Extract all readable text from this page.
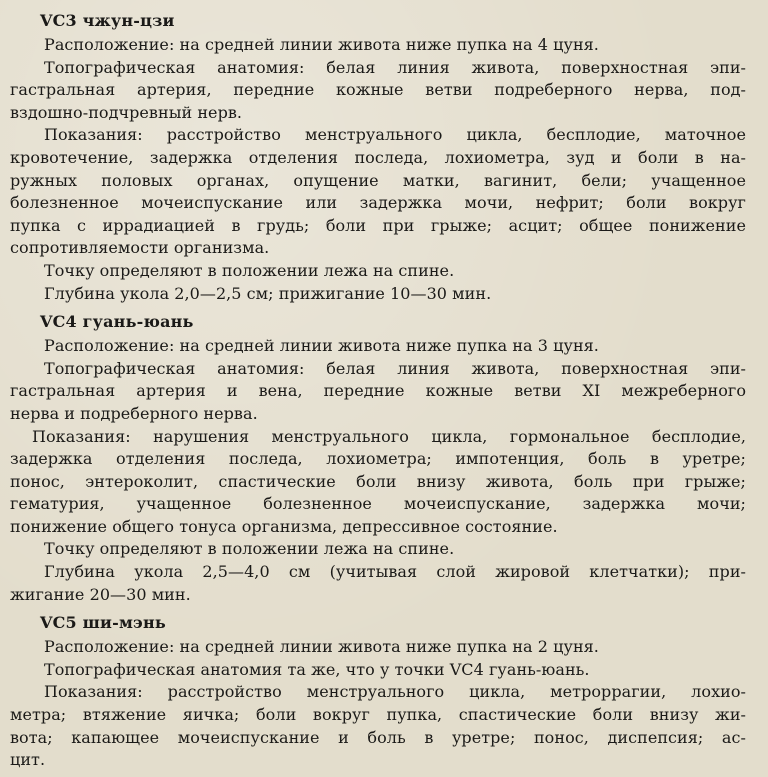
VC3 чжун-цзи
Расположение: на средней линии живота ниже пупка на 4 цуня.
Топографическая анатомия: белая линия живота, поверхностная эпи-
гастральная артерия, передние кожные ветви подреберного нерва, под-
вздошно-подчревный нерв.
Показания: расстройство менструального цикла, бесплодие, маточное
кровотечение, задержка отделения последа, лохиометра, зуд и боли в на-
ружных половых органах, опущение матки, вагинит, бели; учащенное
болезненное мочеиспускание или задержка мочи, нефрит; боли вокруг
пупка с иррадиацией в грудь; боли при грыже; асцит; общее понижение
сопротивляемости организма.
Точку определяют в положении лежа на спине.
Глубина укола 2,0—2,5 см; прижигание 10—30 мин.
VC4 гуань-юань
Расположение: на средней линии живота ниже пупка на 3 цуня.
Топографическая анатомия: белая линия живота, поверхностная эпи-
гастральная артерия и вена, передние кожные ветви XI межреберного
нерва и подреберного нерва.
Показания: нарушения менструального цикла, гормональное бесплодие,
задержка отделения последа, лохиометра; импотенция, боль в уретре;
понос, энтероколит, спастические боли внизу живота, боль при грыже;
гематурия, учащенное болезненное мочеиспускание, задержка мочи;
понижение общего тонуса организма, депрессивное состояние.
Точку определяют в положении лежа на спине.
Глубина укола 2,5—4,0 см (учитывая слой жировой клетчатки); при-
жигание 20—30 мин.
VC5 ши-мэнь
Расположение: на средней линии живота ниже пупка на 2 цуня.
Топографическая анатомия та же, что у точки VC4 гуань-юань.
Показания: расстройство менструального цикла, метроррагии, лохио-
метра; втяжение яичка; боли вокруг пупка, спастические боли внизу жи-
вота; капающее мочеиспускание и боль в уретре; понос, диспепсия; ас-
цит.
